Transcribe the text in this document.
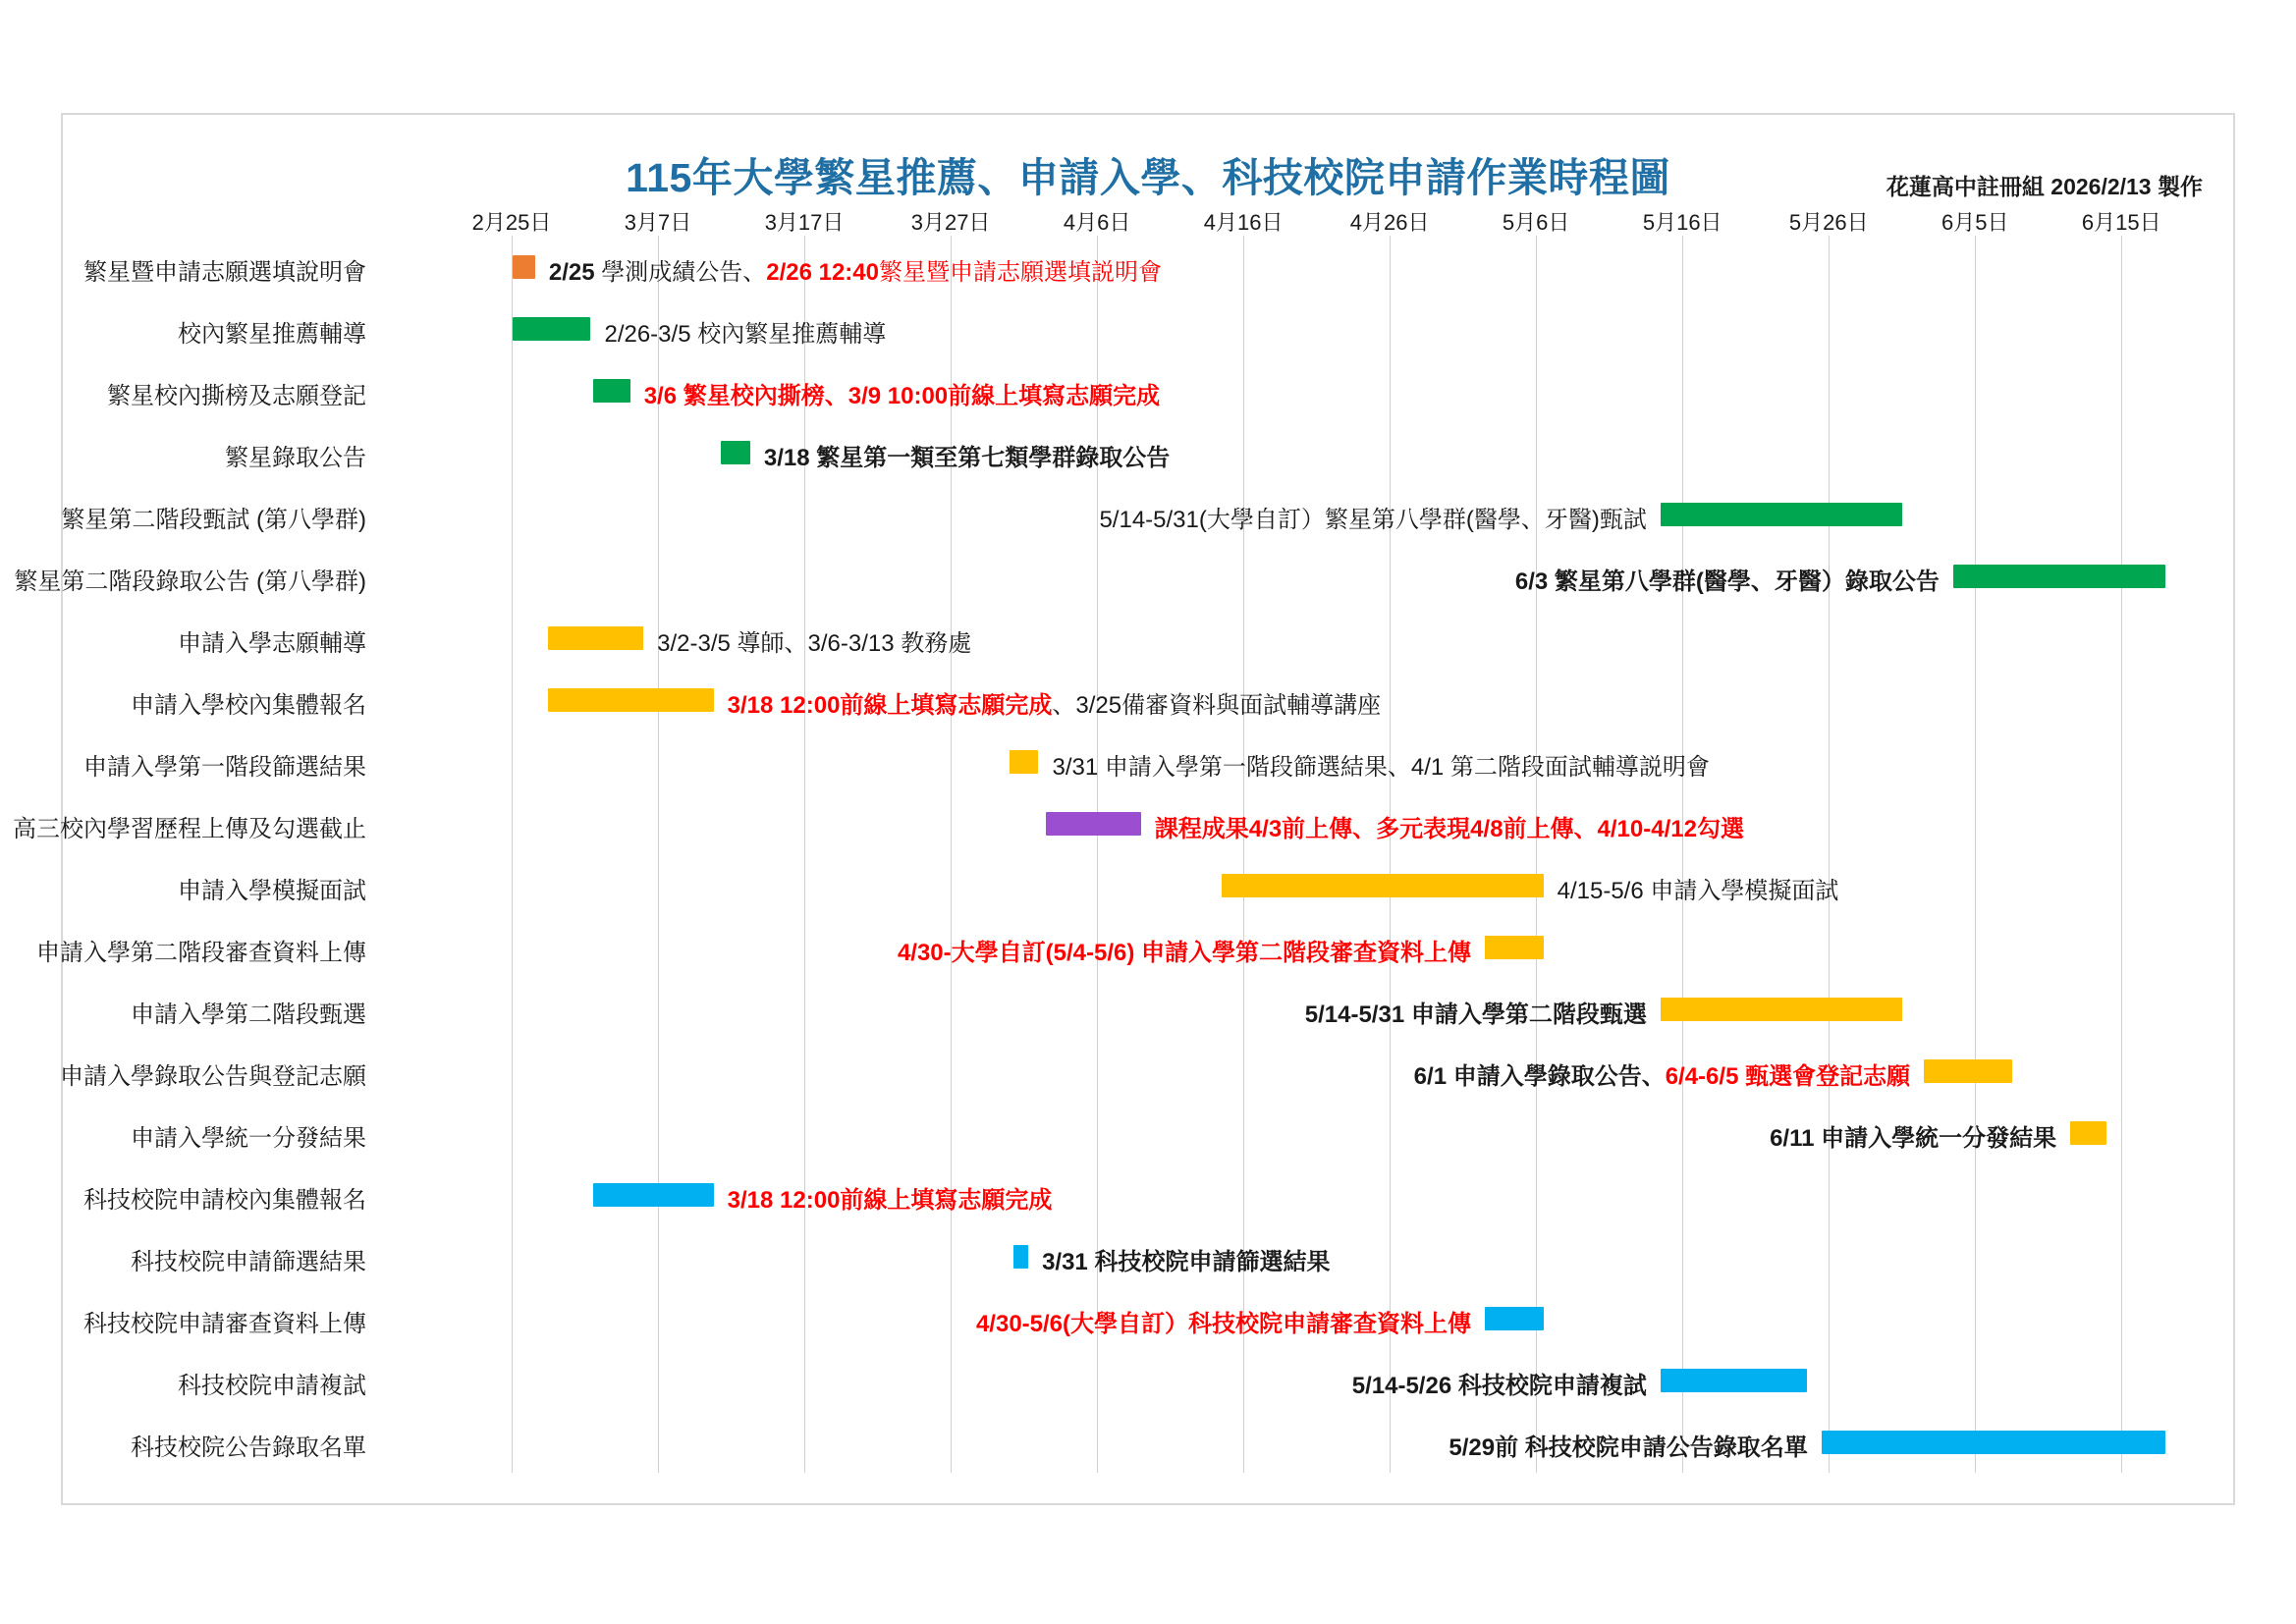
115年大學繁星推薦、申請入學、科技校院申請作業時程圖	花蓮高中註冊組 2026/2/13 製作
2月25日	3月7日	3月17日	3月27日	4月6日	4月16日	4月26日	5月6日	5月16日	5月26日	6月5日	6月15日
繁星暨申請志願選填說明會	2/25 學測成績公告、2/26 12:40繁星暨申請志願選填説明會
校內繁星推薦輔導	2/26-3/5 校內繁星推薦輔導
繁星校內撕榜及志願登記	3/6 繁星校內撕榜、3/9 10:00前線上填寫志願完成
繁星錄取公告	3/18 繁星第一類至第七類學群錄取公告
繁星第二階段甄試 (第八學群)	5/14-5/31(大學自訂）繁星第八學群(醫學、牙醫)甄試
繁星第二階段錄取公告 (第八學群)	6/3 繁星第八學群(醫學、牙醫）錄取公告
申請入學志願輔導	3/2-3/5 導師、3/6-3/13 教務處
申請入學校內集體報名	3/18 12:00前線上填寫志願完成、3/25備審資料與面試輔導講座
申請入學第一階段篩選結果	3/31 申請入學第一階段篩選結果、4/1 第二階段面試輔導説明會
高三校內學習歷程上傳及勾選截止	課程成果4/3前上傳、多元表現4/8前上傳、4/10-4/12勾選
申請入學模擬面試	4/15-5/6 申請入學模擬面試
申請入學第二階段審查資料上傳	4/30-大學自訂(5/4-5/6) 申請入學第二階段審查資料上傳
申請入學第二階段甄選	5/14-5/31 申請入學第二階段甄選
申請入學錄取公告與登記志願	6/1 申請入學錄取公告、6/4-6/5 甄選會登記志願
申請入學統一分發結果	6/11 申請入學統一分發結果
科技校院申請校內集體報名	3/18 12:00前線上填寫志願完成
科技校院申請篩選結果	3/31 科技校院申請篩選結果
科技校院申請審查資料上傳	4/30-5/6(大學自訂）科技校院申請審查資料上傳
科技校院申請複試	5/14-5/26 科技校院申請複試
科技校院公告錄取名單	5/29前 科技校院申請公告錄取名單
